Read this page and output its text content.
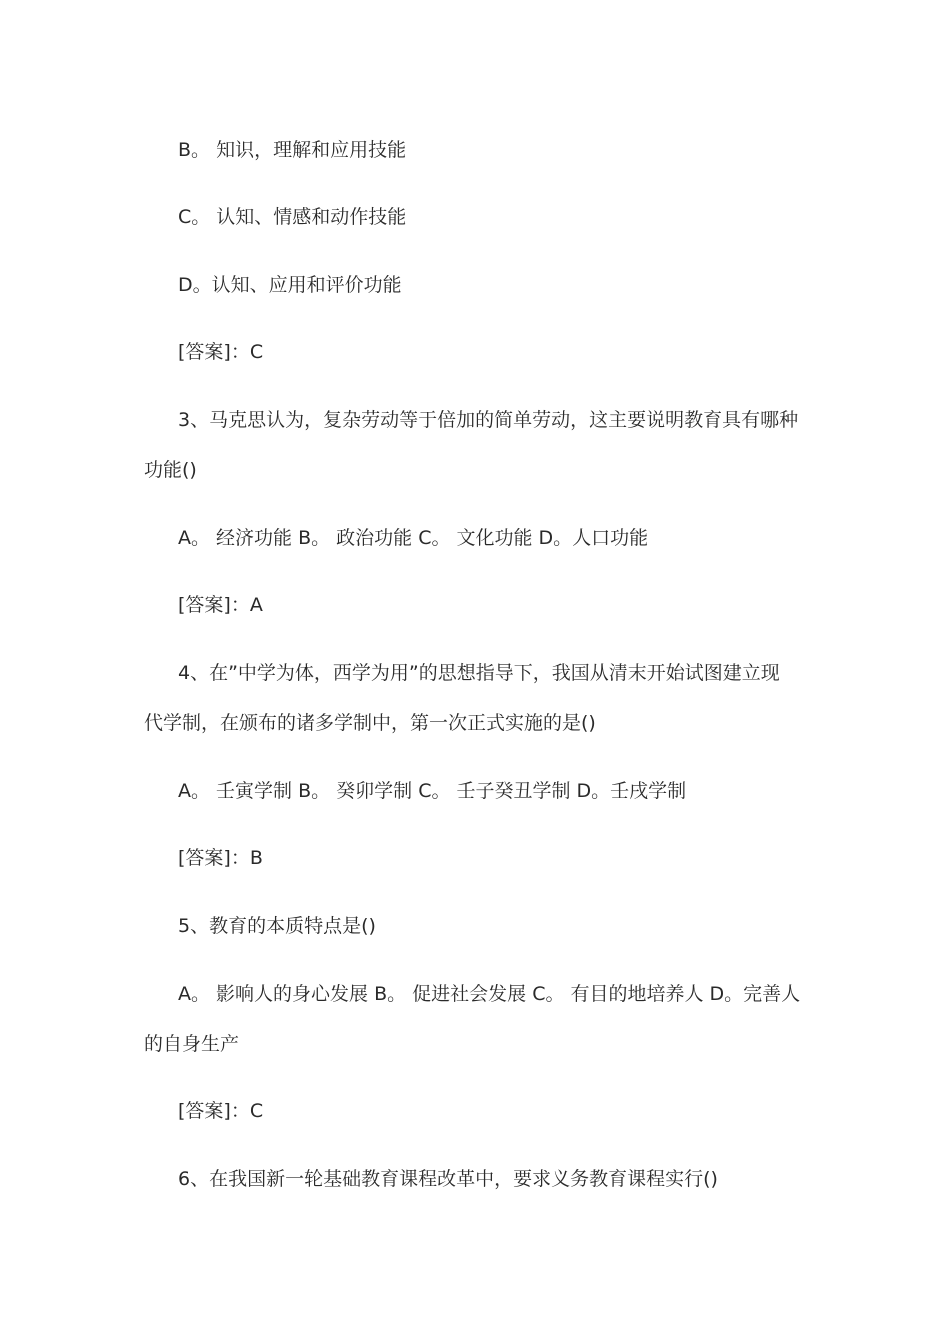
B。 知识，理解和应用技能
C。 认知、情感和动作技能
D。认知、应用和评价功能
[答案]：C
3、马克思认为，复杂劳动等于倍加的简单劳动，这主要说明教育具有哪种
功能()
A。 经济功能 B。 政治功能 C。 文化功能 D。人口功能
[答案]：A
4、在”中学为体，西学为用”的思想指导下，我国从清末开始试图建立现
代学制，在颁布的诸多学制中，第一次正式实施的是()
A。 壬寅学制 B。 癸卯学制 C。 壬子癸丑学制 D。壬戌学制
[答案]：B
5、教育的本质特点是()
A。 影响人的身心发展 B。 促进社会发展 C。 有目的地培养人 D。完善人
的自身生产
[答案]：C
6、在我国新一轮基础教育课程改革中，要求义务教育课程实行()
